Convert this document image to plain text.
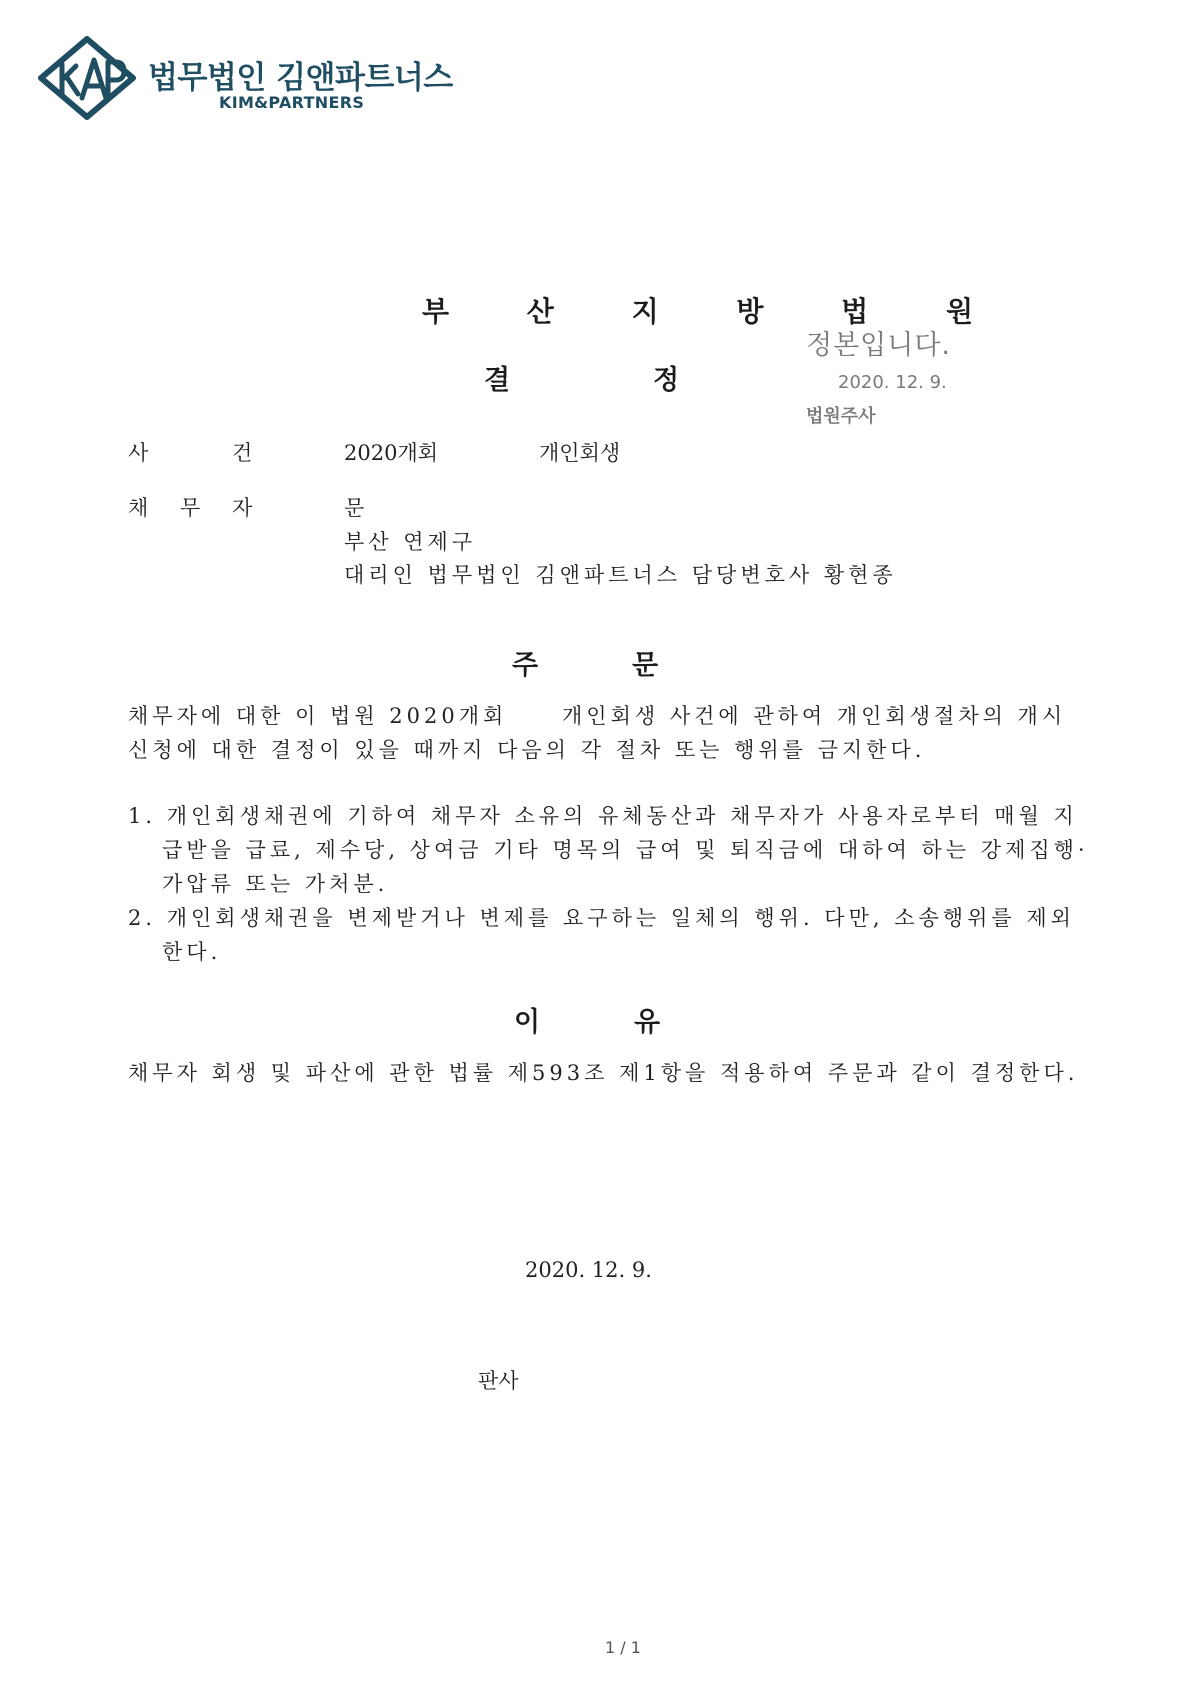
법무법인 김앤파트너스
KIM&PARTNERS
부 산 지 방 법 원
결	정
정본입니다.
2020. 12. 9.
법원주사
사	건	2020개회	개인회생
채 무 자	문
부산 연제구
대리인 법무법인 김앤파트너스 담당변호사 황현종
주	문
채무자에 대한 이 법원 2020개회	개인회생 사건에 관하여 개인회생절차의 개시
신청에 대한 결정이 있을 때까지 다음의 각 절차 또는 행위를 금지한다.
1. 개인회생채권에 기하여 채무자 소유의 유체동산과 채무자가 사용자로부터 매월 지
급받을 급료, 제수당, 상여금 기타 명목의 급여 및 퇴직금에 대하여 하는 강제집행·
가압류 또는 가처분.
2. 개인회생채권을 변제받거나 변제를 요구하는 일체의 행위. 다만, 소송행위를 제외
한다.
이	유
채무자 회생 및 파산에 관한 법률 제593조 제1항을 적용하여 주문과 같이 결정한다.
2020. 12. 9.
판사
1 / 1
